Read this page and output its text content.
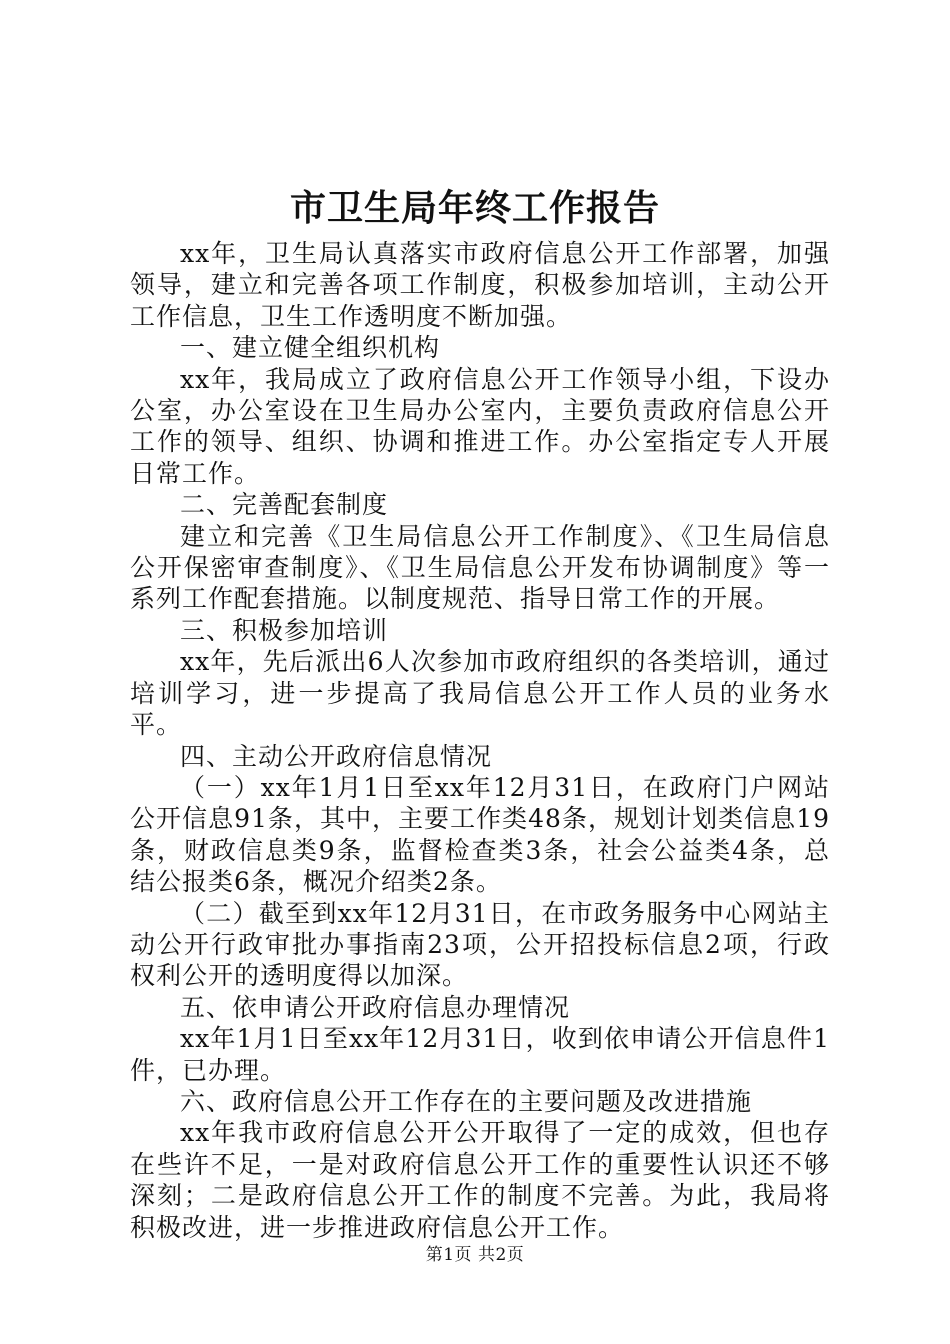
市卫生局年终工作报告

xx年，卫生局认真落实市政府信息公开工作部署，加强领导，建立和完善各项工作制度，积极参加培训，主动公开工作信息，卫生工作透明度不断加强。

一、建立健全组织机构

xx年，我局成立了政府信息公开工作领导小组，下设办公室，办公室设在卫生局办公室内，主要负责政府信息公开工作的领导、组织、协调和推进工作。办公室指定专人开展日常工作。

二、完善配套制度

建立和完善《卫生局信息公开工作制度》、《卫生局信息公开保密审查制度》、《卫生局信息公开发布协调制度》等一系列工作配套措施。以制度规范、指导日常工作的开展。

三、积极参加培训

xx年，先后派出6人次参加市政府组织的各类培训，通过培训学习，进一步提高了我局信息公开工作人员的业务水平。

四、主动公开政府信息情况

（一）xx年1月1日至xx年12月31日，在政府门户网站公开信息91条，其中，主要工作类48条，规划计划类信息19条，财政信息类9条，监督检查类3条，社会公益类4条，总结公报类6条，概况介绍类2条。

（二）截至到xx年12月31日，在市政务服务中心网站主动公开行政审批办事指南23项，公开招投标信息2项，行政权利公开的透明度得以加深。

五、依申请公开政府信息办理情况

xx年1月1日至xx年12月31日，收到依申请公开信息件1件，已办理。

六、政府信息公开工作存在的主要问题及改进措施

xx年我市政府信息公开公开取得了一定的成效，但也存在些许不足，一是对政府信息公开工作的重要性认识还不够深刻；二是政府信息公开工作的制度不完善。为此，我局将积极改进，进一步推进政府信息公开工作。

第1页 共2页
